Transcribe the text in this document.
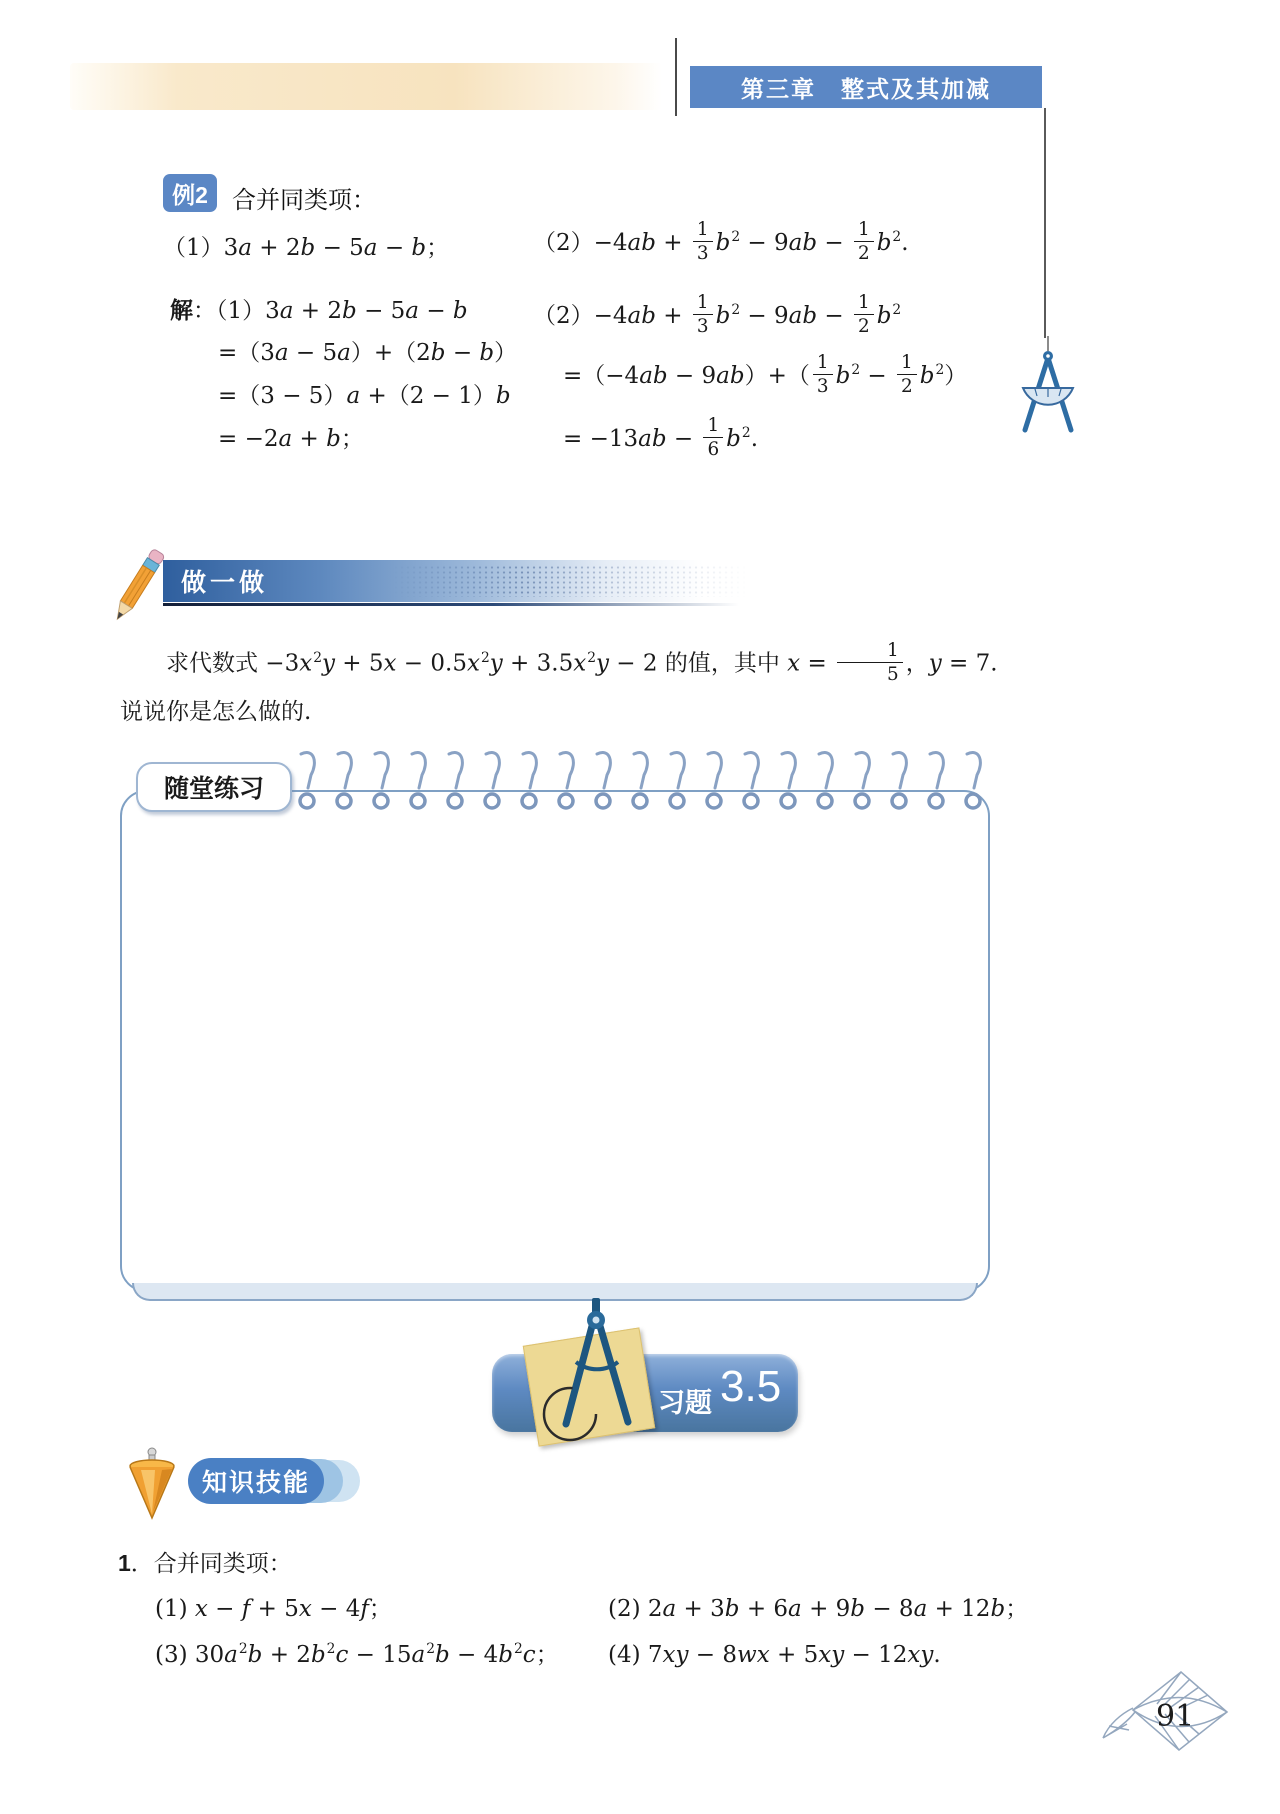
第三章　整式及其加减
例2	合并同类项：
（1）3a + 2b − 5a − b；	$(2)-4ab + \frac{1}{3} b^2 - 9ab - \frac{1}{2} b^2$.
解：（1）3a + 2b − 5a − b
=（3a − 5a）+（2b − b）
=（3 − 5）a +（2 − 1）b
= −2a + b；
$(2)-4ab + \frac{1}{3} b^2 - 9ab - \frac{1}{2} b^2$
$=(-4ab - 9ab)+( \frac{1}{3} b^2 - \frac{1}{2} b^2)$
= $-13ab - \frac{1}{6} b^2$.
做一做
求代数式 $-3x^2y + 5x - 0.5x^2y + 3.5x^2y - 2$ 的值，其中 $x = \frac{1}{5}$ ，y = 7. 说说你是怎么做的.
随堂练习
习题 3.5
知识技能
1．合并同类项：
(1) x − f + 5x − 4f；	(2) 2a + 3b + 6a + 9b − 8a + 12b；
(3) $30a^2b + 2b^2c - 15a^2b - 4b^2c$； (4) 7xy − 8wx + 5xy − 12xy.
91
